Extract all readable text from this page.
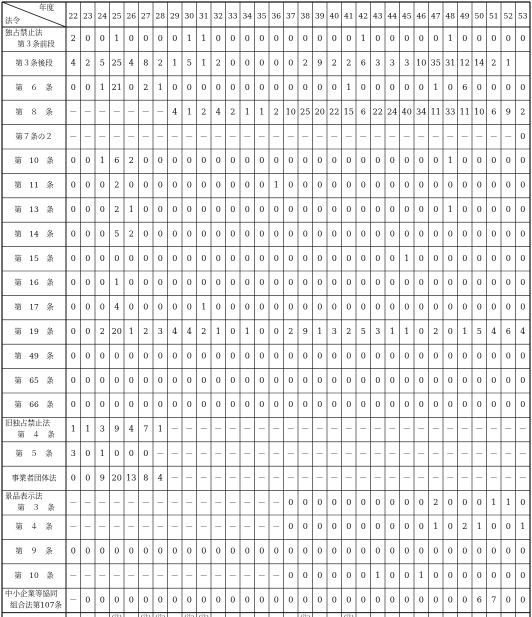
年度
法令	22 23 24 25 26 27 28 29 30 31 32 33 34 35 36 37 38 39 40 41 42 43 44 45 46 47 48 49 50 51 52 53
独占禁止法
第３条前段
2 0 0 1 0 0 0 0 1 1 0 0 0 0 0 0 0 0 0 0 1 0 0 0 0 0 1 0 0 0 0 0
第３条後段 4 2 5 25 4 8 2 1 5 1 2 0 0 0 0 0 2 9 2 2 6 3 3 3 10 35 31 12 14 2 1
第　６　条 0 0 1 21 0 2 1 0 0 0 0 0 0 0 0 0 0 0 0 1 0 0 0 0 0 1 0 6 0 0 0 0
第　８　条 － － － － － － － 4 1 2 4 2 1 1 2 10 25 20 22 15 6 22 24 40 34 11 33 11 10 6 9 2
第７条の２ － － － － － － － － － － － － － － － － － － － － － － － － － － － － － － － 0
第　10　条 0 0 1 6 2 0 0 0 0 0 0 0 0 0 0 0 0 0 0 0 0 0 0 0 0 0 1 0 0 0 0 0
第　11　条 0 0 0 2 0 0 0 0 0 0 0 0 0 0 1 0 0 0 0 0 0 0 0 0 0 0 0 0 0 0 0 0
第　13　条 0 0 0 2 1 0 0 0 0 0 0 0 0 0 0 0 0 0 0 0 0 0 0 0 0 0 1 0 0 0 0 0
第　14　条 0 0 0 5 2 0 0 0 0 0 0 0 0 0 0 0 0 0 0 0 0 0 0 0 0 0 0 0 0 0 0 0
第　15　条 0 0 0 0 0 0 0 0 0 0 0 0 0 0 0 0 0 0 0 0 0 0 0 1 0 0 0 0 0 0 0 0
第　16　条 0 0 0 1 0 0 0 0 0 0 0 0 0 0 0 0 0 0 0 0 0 0 0 0 0 0 0 0 0 0 0 0
第　17　条 0 0 0 4 0 0 0 0 0 1 0 0 0 0 0 0 0 0 0 0 0 0 0 0 0 0 0 0 0 0 0 0
第　19　条 0 0 2 20 1 2 3 4 4 2 1 0 1 0 0 2 9 1 3 2 5 3 1 1 0 2 0 1 5 4 6 4
第　49　条 0 0 0 0 0 0 0 0 0 0 0 0 0 0 0 0 0 0 0 0 0 0 0 0 0 0 0 0 0 0 0 0
第　65　条 0 0 0 0 0 0 0 0 0 0 0 0 0 0 0 0 0 0 0 0 0 0 0 0 0 0 0 0 0 0 0 0
第　66　条 0 0 0 0 0 0 0 0 0 0 0 0 0 0 0 0 0 0 0 0 0 0 0 0 0 0 0 0 0 0 0 0
旧独占禁止法
第　４　条
1 1 3 9 4 7 1 － － － － － － － － － － － － － － － － － － － － － － － － －
第　５　条 3 0 1 0 0 0 － － － － － － － － － － － － － － － － － － － － － － － － － －
事業者団体法 0 0 9 20 13 8 4 － － － － － － － － － － － － － － － － － － － － － － － － －
景品表示法
第　３　条
－ － － － － － － － － － － － － － － 0 0 0 0 0 0 0 0 0 0 2 0 0 0 1 1 0
第　４　条 － － － － － － － － － － － － － － － 0 0 0 0 0 0 0 0 0 0 1 0 2 1 0 0 1
第　９　条 0 0 0 0 0 0 0 0 0 0 0 0 0 0 0 0 0 0 0 0 0 0 0 0 0 0 0 0 0 0 0 0
第　10　条 － － － － － － － － － － － － － － － 0 0 0 0 0 0 1 0 0 1 0 0 0 0 0 0 0
中小企業等協同
組合法第107条
－ 0 0 0 0 0 0 0 0 0 0 0 0 0 0 0 0 0 0 0 0 0 0 0 0 0 0 0 6 7 0 0
